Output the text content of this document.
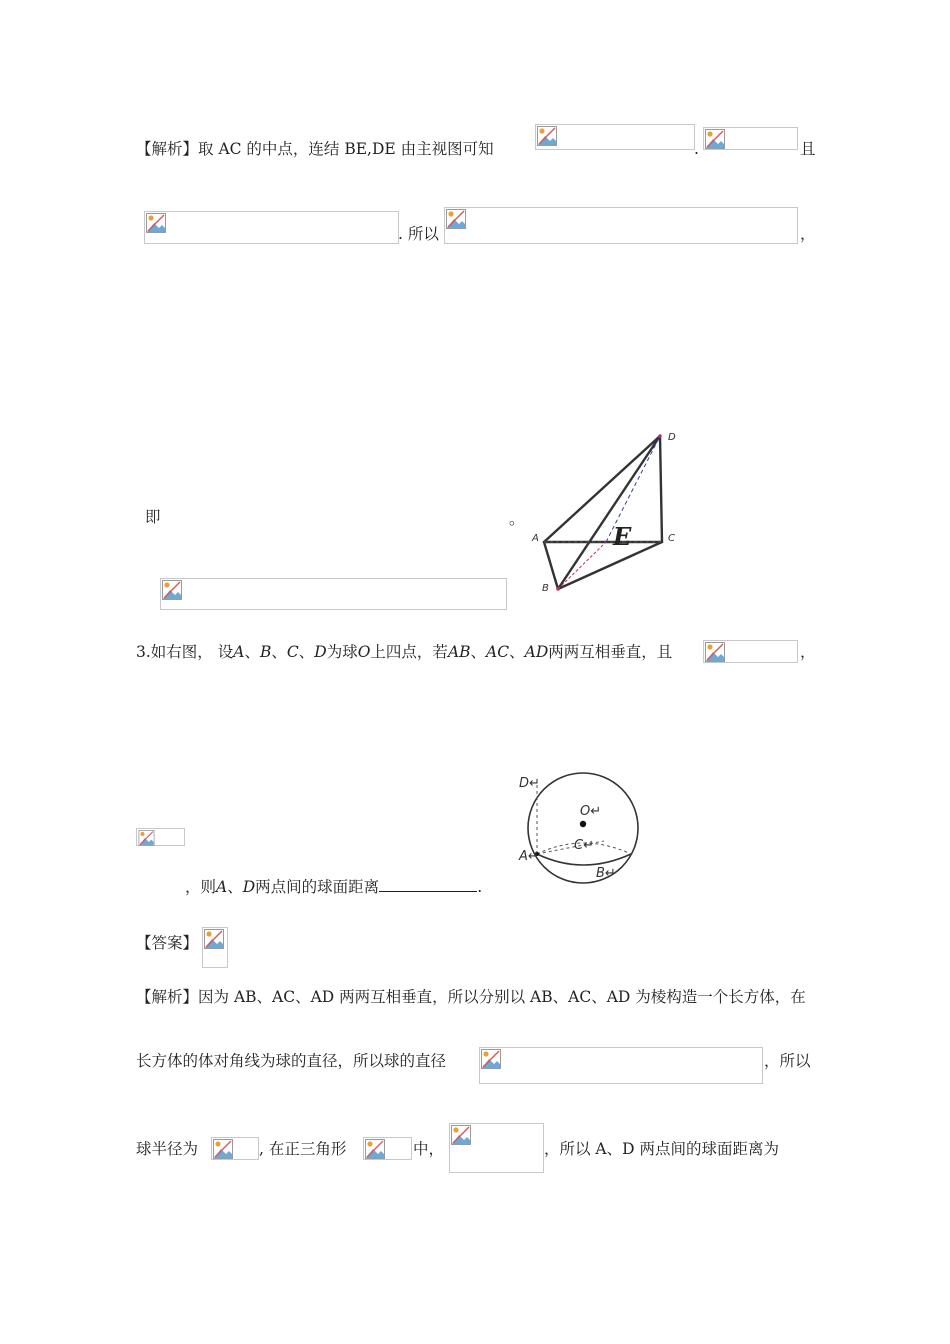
【解析】取 AC 的中点，连结 BE,DE 由主视图可知	.	且
. 所以	，
即	。
D
A	C
B
E
3.如右图， 设A、B、C、D为球O上四点，若AB、AC、AD两两互相垂直，且	，
，则A、D两点间的球面距离	.
D↵
O↵
C↵
A↵
B↵
【答案】
【解析】因为 AB、AC、AD 两两互相垂直，所以分别以 AB、AC、AD 为棱构造一个长方体，在
长方体的体对角线为球的直径，所以球的直径	，所以
球半径为	, 在正三角形	中，	，所以 A、D 两点间的球面距离为
